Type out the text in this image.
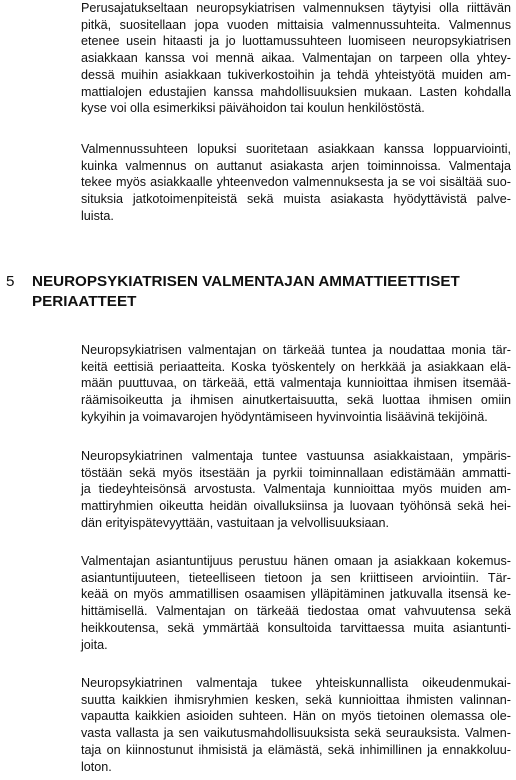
Perusajatukseltaan neuropsykiatrisen valmennuksen täytyisi olla riittävän
pitkä, suositellaan jopa vuoden mittaisia valmennussuhteita. Valmennus
etenee usein hitaasti ja jo luottamussuhteen luomiseen neuropsykiatrisen
asiakkaan kanssa voi mennä aikaa. Valmentajan on tarpeen olla yhtey-
dessä muihin asiakkaan tukiverkostoihin ja tehdä yhteistyötä muiden am-
mattialojen edustajien kanssa mahdollisuuksien mukaan. Lasten kohdalla
kyse voi olla esimerkiksi päivähoidon tai koulun henkilöstöstä.

Valmennussuhteen lopuksi suoritetaan asiakkaan kanssa loppuarviointi,
kuinka valmennus on auttanut asiakasta arjen toiminnoissa. Valmentaja
tekee myös asiakkaalle yhteenvedon valmennuksesta ja se voi sisältää suo-
situksia jatkotoimenpiteistä sekä muista asiakasta hyödyttävistä palve-
luista.

5 NEUROPSYKIATRISEN VALMENTAJAN AMMATTIEETTISET
PERIAATTEET

Neuropsykiatrisen valmentajan on tärkeää tuntea ja noudattaa monia tär-
keitä eettisiä periaatteita. Koska työskentely on herkkää ja asiakkaan elä-
mään puuttuvaa, on tärkeää, että valmentaja kunnioittaa ihmisen itsemää-
räämisoikeutta ja ihmisen ainutkertaisuutta, sekä luottaa ihmisen omiin
kykyihin ja voimavarojen hyödyntämiseen hyvinvointia lisäävinä tekijöinä.

Neuropsykiatrinen valmentaja tuntee vastuunsa asiakkaistaan, ympäris-
töstään sekä myös itsestään ja pyrkii toiminnallaan edistämään ammatti-
ja tiedeyhteisönsä arvostusta. Valmentaja kunnioittaa myös muiden am-
mattiryhmien oikeutta heidän oivalluksiinsa ja luovaan työhönsä sekä hei-
dän erityispätevyyttään, vastuitaan ja velvollisuuksiaan.

Valmentajan asiantuntijuus perustuu hänen omaan ja asiakkaan kokemus-
asiantuntijuuteen, tieteelliseen tietoon ja sen kriittiseen arviointiin. Tär-
keää on myös ammatillisen osaamisen ylläpitäminen jatkuvalla itsensä ke-
hittämisellä. Valmentajan on tärkeää tiedostaa omat vahvuutensa sekä
heikkoutensa, sekä ymmärtää konsultoida tarvittaessa muita asiantunti-
joita.

Neuropsykiatrinen valmentaja tukee yhteiskunnallista oikeudenmukai-
suutta kaikkien ihmisryhmien kesken, sekä kunnioittaa ihmisten valinnan-
vapautta kaikkien asioiden suhteen. Hän on myös tietoinen olemassa ole-
vasta vallasta ja sen vaikutusmahdollisuuksista sekä seurauksista. Valmen-
taja on kiinnostunut ihmisistä ja elämästä, sekä inhimillinen ja ennakkoluu-
loton.
